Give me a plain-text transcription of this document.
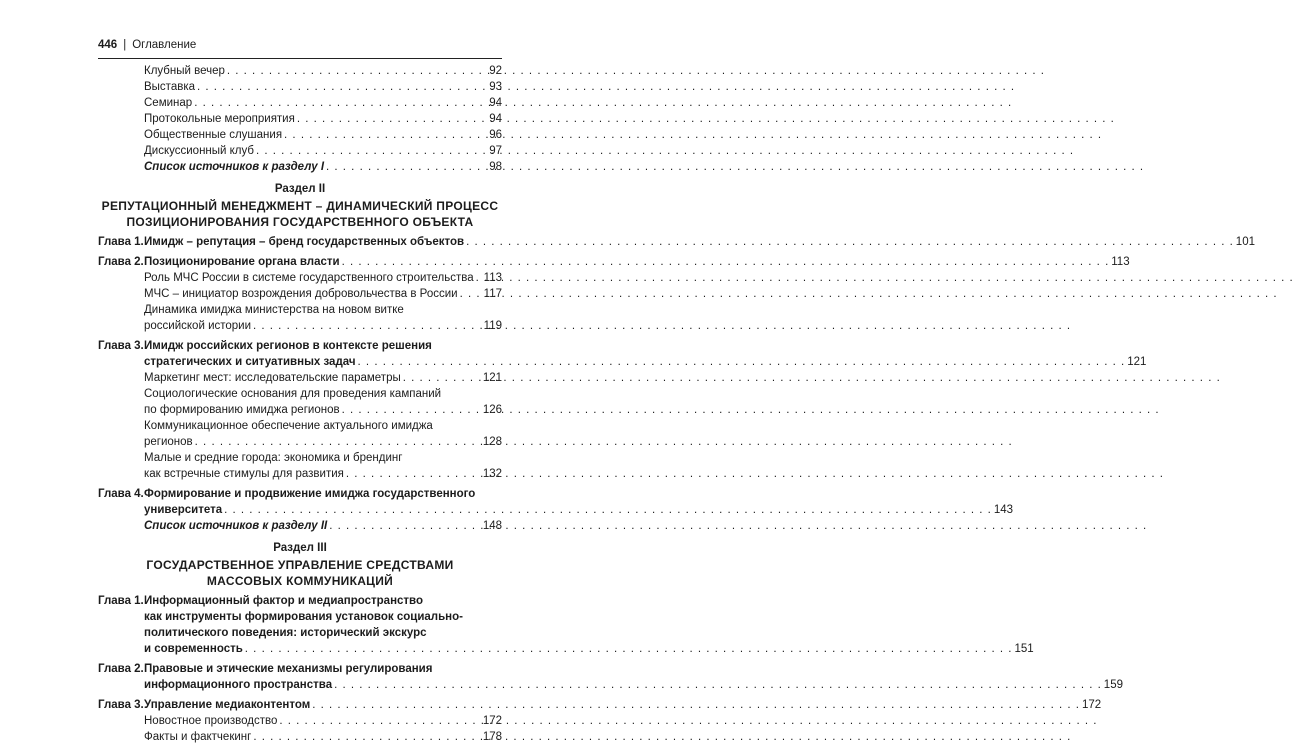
446 | Оглавление
Клубный вечер . . .	92
Выставка . . .	93
Семинар . . .	94
Протокольные мероприятия . . .	94
Общественные слушания . . .	96
Дискуссионный клуб . . .	97
Список источников к разделу I . . .	98
Раздел II
РЕПУТАЦИОННЫЙ МЕНЕДЖМЕНТ – ДИНАМИЧЕСКИЙ ПРОЦЕСС
ПОЗИЦИОНИРОВАНИЯ ГОСУДАРСТВЕННОГО ОБЪЕКТА
Глава 1. Имидж – репутация – бренд государственных объектов . . .	101
Глава 2. Позиционирование органа власти . . .	113
Роль МЧС России в системе государственного строительства . . . 113
МЧС – инициатор возрождения добровольчества в России . . . 117
Динамика имиджа министерства на новом витке
российской истории . . .	119
Глава 3. Имидж российских регионов в контексте решения
стратегических и ситуативных задач . . .	121
Маркетинг мест: исследовательские параметры . . .	121
Социологические основания для проведения кампаний
по формированию имиджа регионов . . .	126
Коммуникационное обеспечение актуального имиджа
регионов . . .	128
Малые и средние города: экономика и брендинг
как встречные стимулы для развития . . .	132
Глава 4. Формирование и продвижение имиджа государственного
университета . . .	143
Список источников к разделу II . . .	148
Раздел III
ГОСУДАРСТВЕННОЕ УПРАВЛЕНИЕ СРЕДСТВАМИ
МАССОВЫХ КОММУНИКАЦИЙ
Глава 1. Информационный фактор и медиапространство
как инструменты формирования установок социально-
политического поведения: исторический экскурс
и современность . . .	151
Глава 2. Правовые и этические механизмы регулирования
информационного пространства . . .	159
Глава 3. Управление медиаконтентом . . .	172
Новостное производство . . .	172
Факты и фактчекинг . . .	178
